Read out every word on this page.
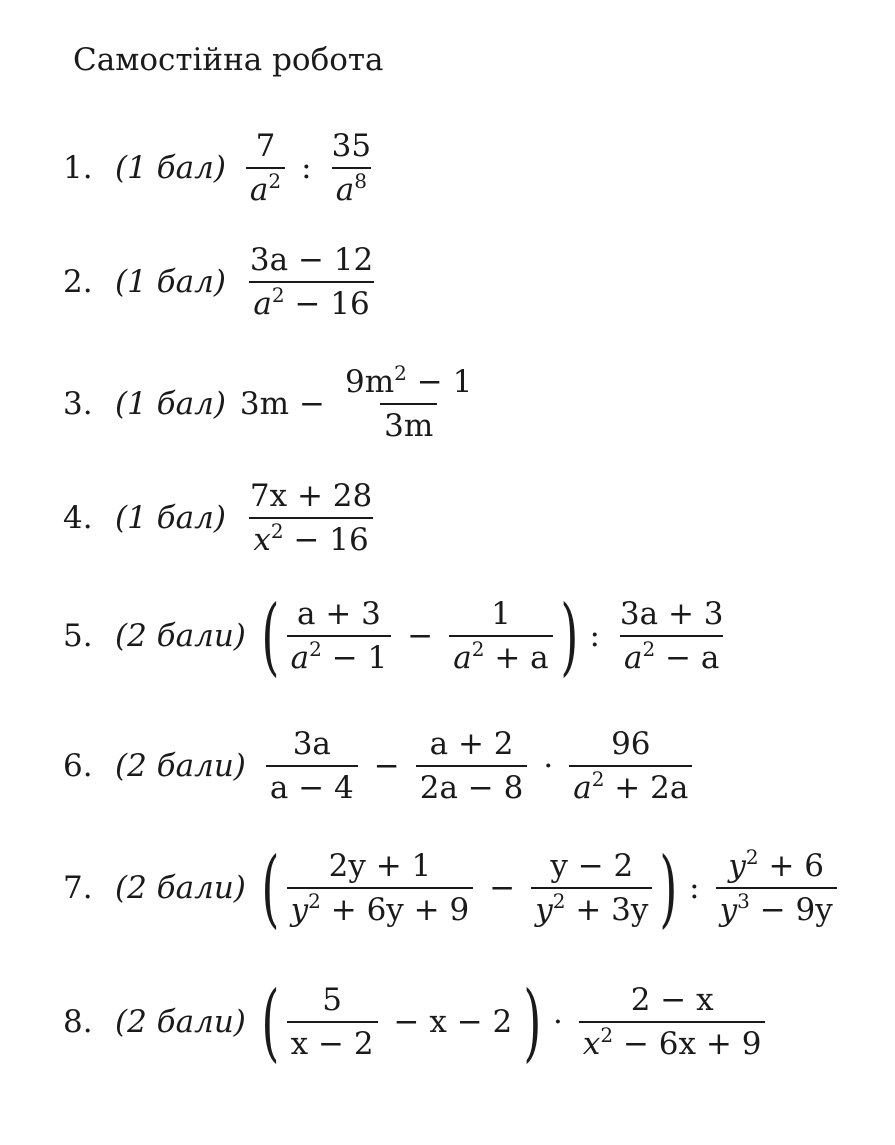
Самостійна робота
1. (1 $бал) \frac{7}{a^2}$ : $\frac{35}{a^8}$
2. (1 $бал) \frac{3a - 12}{a^2 - 16}$
3. (1 бал) $3m - \frac{9m^2 - 1}{3m}$
4. (1 $бал) \frac{7x + 28}{x^2 - 16}$
5. (2 бали) ( $\frac{a + 3}{a^2 - 1} - \frac{1}{a^2 + a}$ ) : $\frac{3a + 3}{a^2 - a}$
6. (2 бали) $\frac{3a}{a - 4} - \frac{a + 2}{2a - 8} \cdot \frac{96}{a^2 + 2a}$
7. (2 бали) ( $\frac{2y + 1}{y^2 + 6y + 9} - \frac{y - 2}{y^2 + 3y}$ ) : $\frac{y^2 + 6}{y^3 - 9y}$
8. (2 бали) ( $\frac{5}{x - 2} - x - 2$ ) · $\frac{2 - x}{x^2 - 6x + 9}$
